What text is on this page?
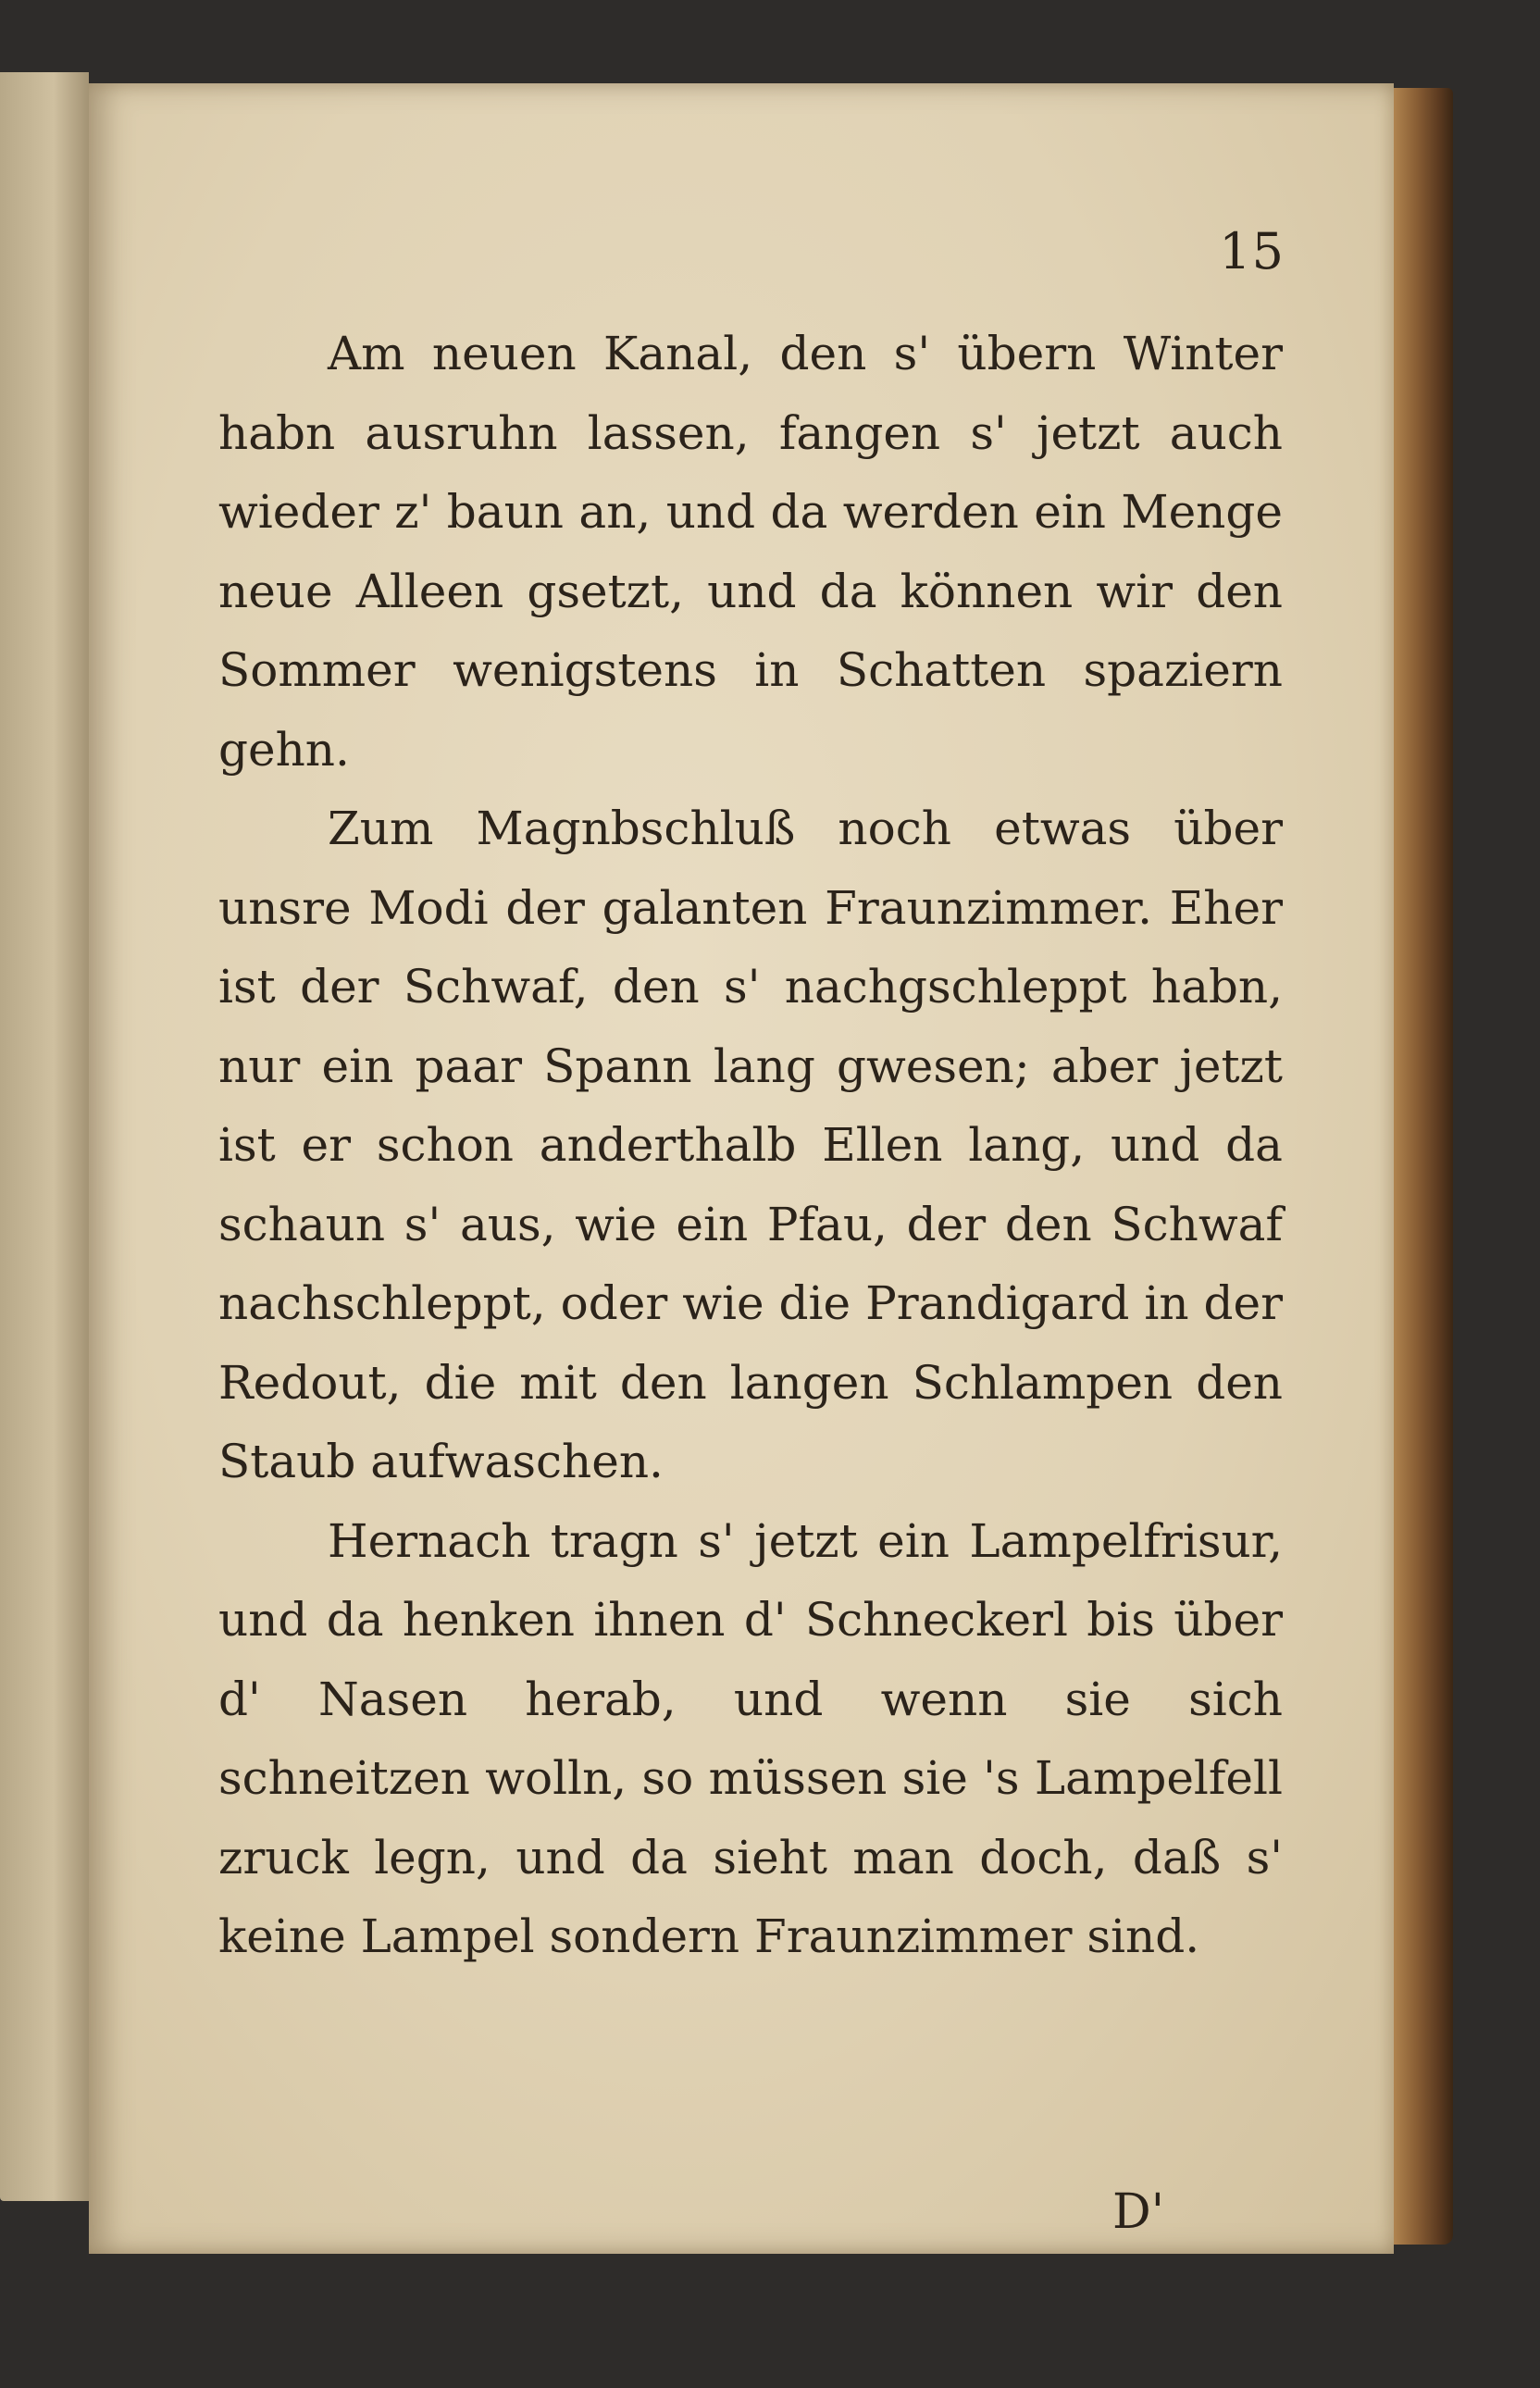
15

Am neuen Kanal, den s' übern Winter habn ausruhn lassen, fangen s' jetzt auch wieder z' baun an, und da werden ein Menge neue Alleen gsetzt, und da können wir den Sommer wenigstens in Schatten spaziern gehn.

Zum Magnbschluß noch etwas über unsre Modi der galanten Fraunzimmer. Eher ist der Schwaf, den s' nachgschleppt habn, nur ein paar Spann lang gwesen; aber jetzt ist er schon anderthalb Ellen lang, und da schaun s' aus, wie ein Pfau, der den Schwaf nachschleppt, oder wie die Prandigard in der Redout, die mit den langen Schlampen den Staub aufwaschen.

Hernach tragn s' jetzt ein Lampelfrisur, und da henken ihnen d' Schneckerl bis über d' Nasen herab, und wenn sie sich schneitzen wolln, so müssen sie 's Lampelfell zruck legn, und da sieht man doch, daß s' keine Lampel sondern Fraunzimmer sind.

D'
